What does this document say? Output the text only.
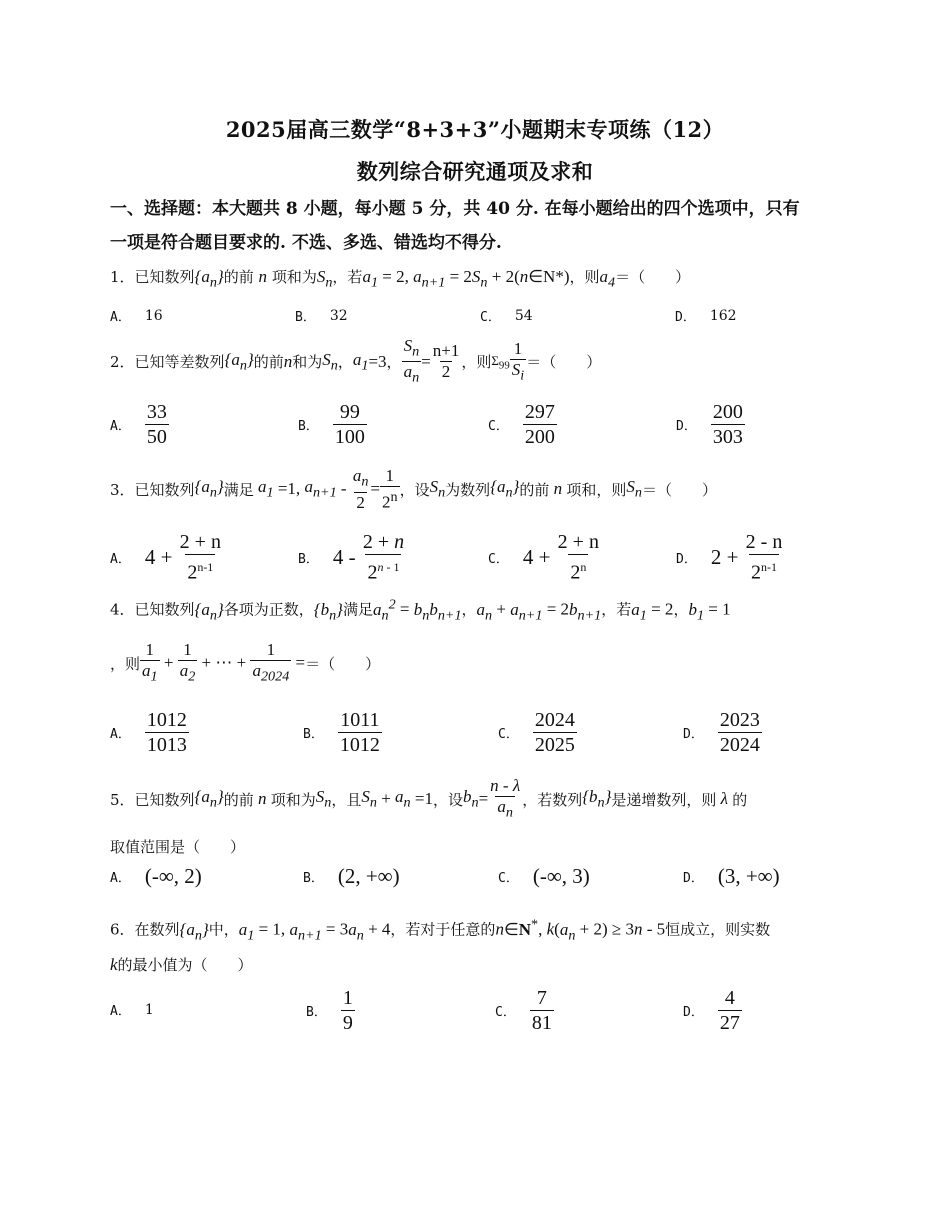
2025届高三数学“8+3+3”小题期末专项练（12）
数列综合研究通项及求和
一、选择题：本大题共 8 小题，每小题 5 分，共 40 分. 在每小题给出的四个选项中，只有
一项是符合题目要求的. 不选、多选、错选均不得分.
1．已知数列$\{a_n\}$的前 n 项和为$S_n$，若$a_1 = 2$, $a_{n+1} = 2S_n$ + 2(n∈N*)，则$a_4=$（　　）
A． 16	B． 32	C． 54	D． 162
2．已知等差数列 $\{a_n\}$ 的前 n 和为 $S_n$ ， $a_1 =3$ ， $\frac{S_n}{a_n} = \frac{n+1}{2}$ ，则 $\Sigma_{99} \frac{1}{S_i}$ ＝（　　）
A． $\frac{33}{50}$	B． $\frac{99}{100}$	C． $\frac{297}{200}$	D． $\frac{200}{303}$
3．已知数列 $\{a_n\}$ 满足 $a_1 =1$, $a_{n+1} - \frac{a_n}{2} = \frac{1}{2^n}$ ，设 $S_n$ 为数列 $\{a_n\}$ 的前 n 项和，则 $S_n$ ＝（　　）
A． $4 + \frac{2 + n}{2^{n-1}}$	B． $4 - \frac{2 + n}{2^{n - 1}}$	C． $4 + \frac{2 + n}{2^n}$	D． $2 + \frac{2 - n}{2^{n-1}}$
4．已知数列$\{a_n\}$各项为正数，$\{b_n\}$满足$a_n^2 = b_nb_{n+1}$，$a_n + a_{n+1} = 2b_{n+1}$，若$a_1 = 2$，$b_1 = 1$
，则 $\frac{1}{a_1} + \frac{1}{a_2}$ + ⋯ + $\frac{1}{a_{2024}}$ = ＝（　　）
A． $\frac{1012}{1013}$	B． $\frac{1011}{1012}$	C． $\frac{2024}{2025}$	D． $\frac{2023}{2024}$
5．已知数列 $\{a_n\}$ 的前 n 项和为 $S_n$ ，且 $S_n + a_n =1$ ，设 $b_n = \frac{n - \lambda}{a_n}$ ，若数列 $\{b_n\}$ 是递增数列，则 λ 的
取值范围是（　　）
A． (-∞, 2)	B． (2, +∞)	C． (-∞, 3)	D． (3, +∞)
6．在数列$\{a_n\}$中，$a_1 = 1$, $a_{n+1} = 3a_n + 4$，若对于任意的n∈N*, $k(a_n + 2) \ge 3n - 5$恒成立，则实数
k的最小值为（　　）
A． 1	B． $\frac{1}{9}$	C． $\frac{7}{81}$	D． $\frac{4}{27}$
